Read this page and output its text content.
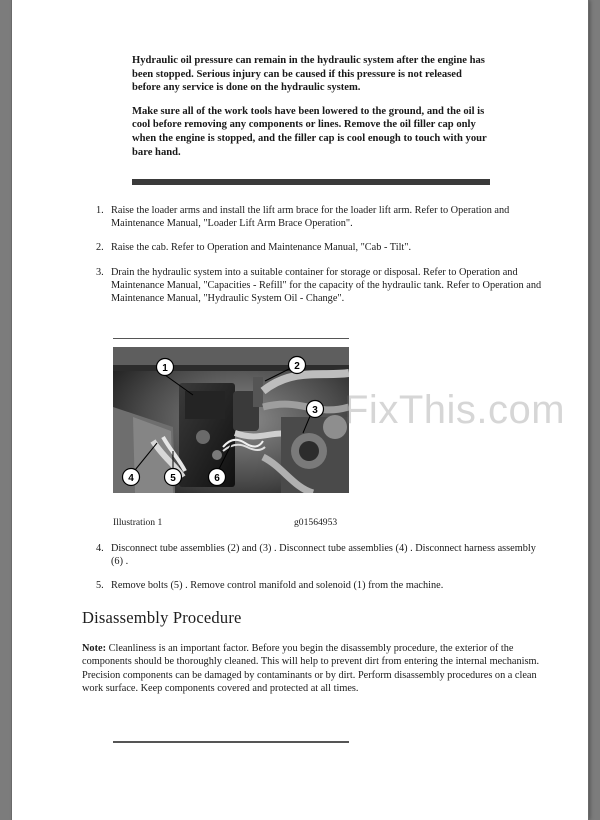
Hydraulic oil pressure can remain in the hydraulic system after the engine has been stopped. Serious injury can be caused if this pressure is not released before any service is done on the hydraulic system.

Make sure all of the work tools have been lowered to the ground, and the oil is cool before removing any components or lines. Remove the oil filler cap only when the engine is stopped, and the filler cap is cool enough to touch with your bare hand.

1. Raise the loader arms and install the lift arm brace for the loader lift arm. Refer to Operation and Maintenance Manual, "Loader Lift Arm Brace Operation".
2. Raise the cab. Refer to Operation and Maintenance Manual, "Cab - Tilt".
3. Drain the hydraulic system into a suitable container for storage or disposal. Refer to Operation and Maintenance Manual, "Capacities - Refill" for the capacity of the hydraulic tank. Refer to Operation and Maintenance Manual, "Hydraulic System Oil - Change".
1	2
3
4	5	6
Illustration 1	g01564953
4. Disconnect tube assemblies (2) and (3) . Disconnect tube assemblies (4) . Disconnect harness assembly (6) .
5. Remove bolts (5) . Remove control manifold and solenoid (1) from the machine.
Disassembly Procedure

Note: Cleanliness is an important factor. Before you begin the disassembly procedure, the exterior of the components should be thoroughly cleaned. This will help to prevent dirt from entering the internal mechanism. Precision components can be damaged by contaminants or by dirt. Perform disassembly procedures on a clean work surface. Keep components covered and protected at all times.

FixThis.com
